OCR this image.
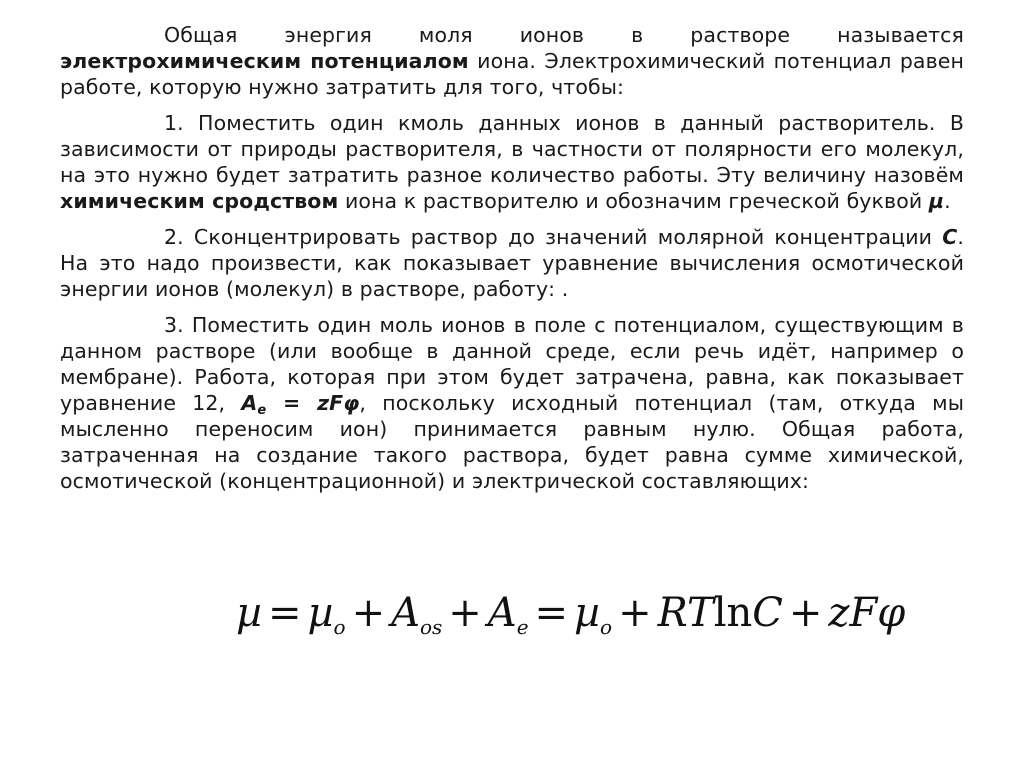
Общая энергия моля ионов в растворе называется электрохимическим потенциалом иона. Электрохимический потенциал равен работе, которую нужно затратить для того, чтобы:

1. Поместить один кмоль данных ионов в данный растворитель. В зависимости от природы растворителя, в частности от полярности его молекул, на это нужно будет затратить разное количество работы. Эту величину назовём химическим сродством иона к растворителю и обозначим греческой буквой µ.

2. Сконцентрировать раствор до значений молярной концентрации C. На это надо произвести, как показывает уравнение вычисления осмотической энергии ионов (молекул) в растворе, работу: .

3. Поместить один моль ионов в поле с потенциалом, существующим в данном растворе (или вообще в данной среде, если речь идёт, например о мембране). Работа, которая при этом будет затрачена, равна, как показывает уравнение 12, $A_e = zF\varphi$, поскольку исходный потенциал (там, откуда мы мысленно переносим ион) принимается равным нулю. Общая работа, затраченная на создание такого раствора, будет равна сумме химической, осмотической (концентрационной) и электрической составляющих:

$\mu = \mu_o + A_{os} + A_e = \mu_o + RTlnC + zF\varphi$
